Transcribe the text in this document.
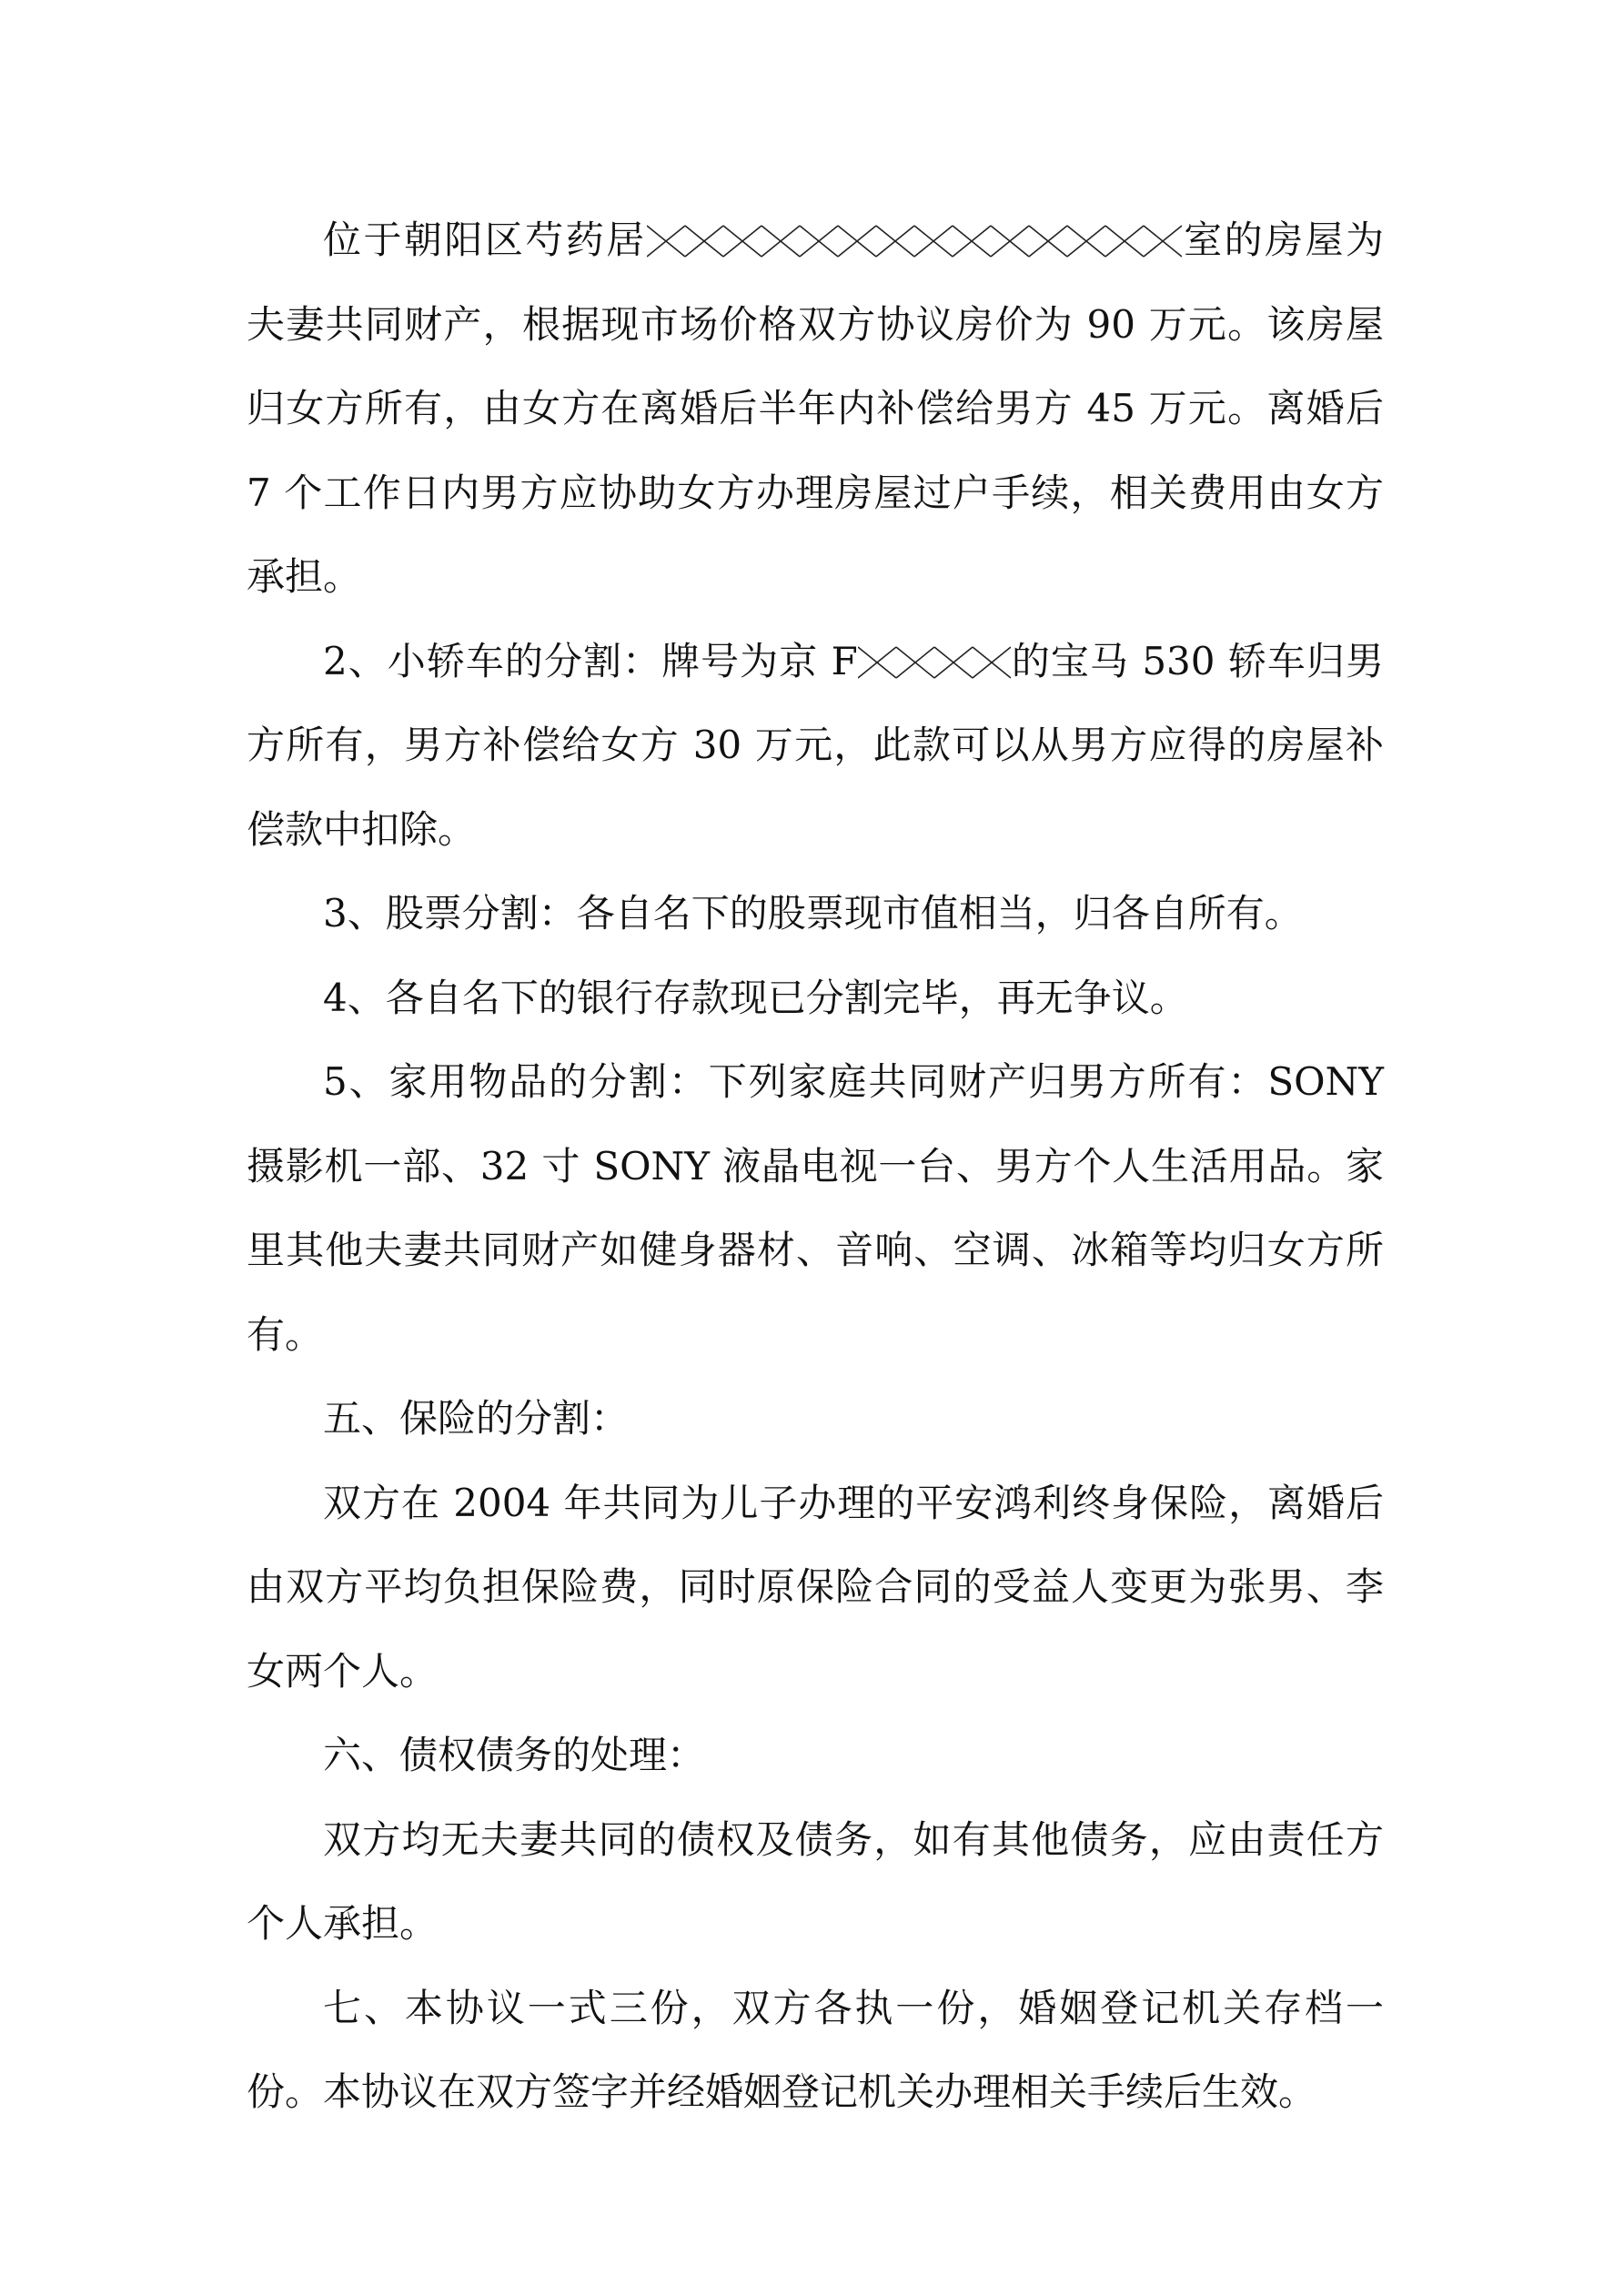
位于朝阳区芍药居	室的房屋为夫妻共同财产，根据现市场价格双方协议房价为 90 万元。该房屋归女方所有，由女方在离婚后半年内补偿给男方 45 万元。离婚后 7 个工作日内男方应协助女方办理房屋过户手续，相关费用由女方承担。

2、小轿车的分割：牌号为京 F	的宝马 530 轿车归男方所有，男方补偿给女方 30 万元，此款可以从男方应得的房屋补偿款中扣除。

3、股票分割：各自名下的股票现市值相当，归各自所有。

4、各自名下的银行存款现已分割完毕，再无争议。

5、家用物品的分割：下列家庭共同财产归男方所有：SONY 摄影机一部、32 寸 SONY 液晶电视一台、男方个人生活用品。家里其他夫妻共同财产如健身器材、音响、空调、冰箱等均归女方所有。

五、保险的分割：

双方在 2004 年共同为儿子办理的平安鸿利终身保险，离婚后由双方平均负担保险费，同时原保险合同的受益人变更为张男、李女两个人。

六、债权债务的处理：

双方均无夫妻共同的债权及债务，如有其他债务，应由责任方个人承担。

七、本协议一式三份，双方各执一份，婚姻登记机关存档一份。本协议在双方签字并经婚姻登记机关办理相关手续后生效。
